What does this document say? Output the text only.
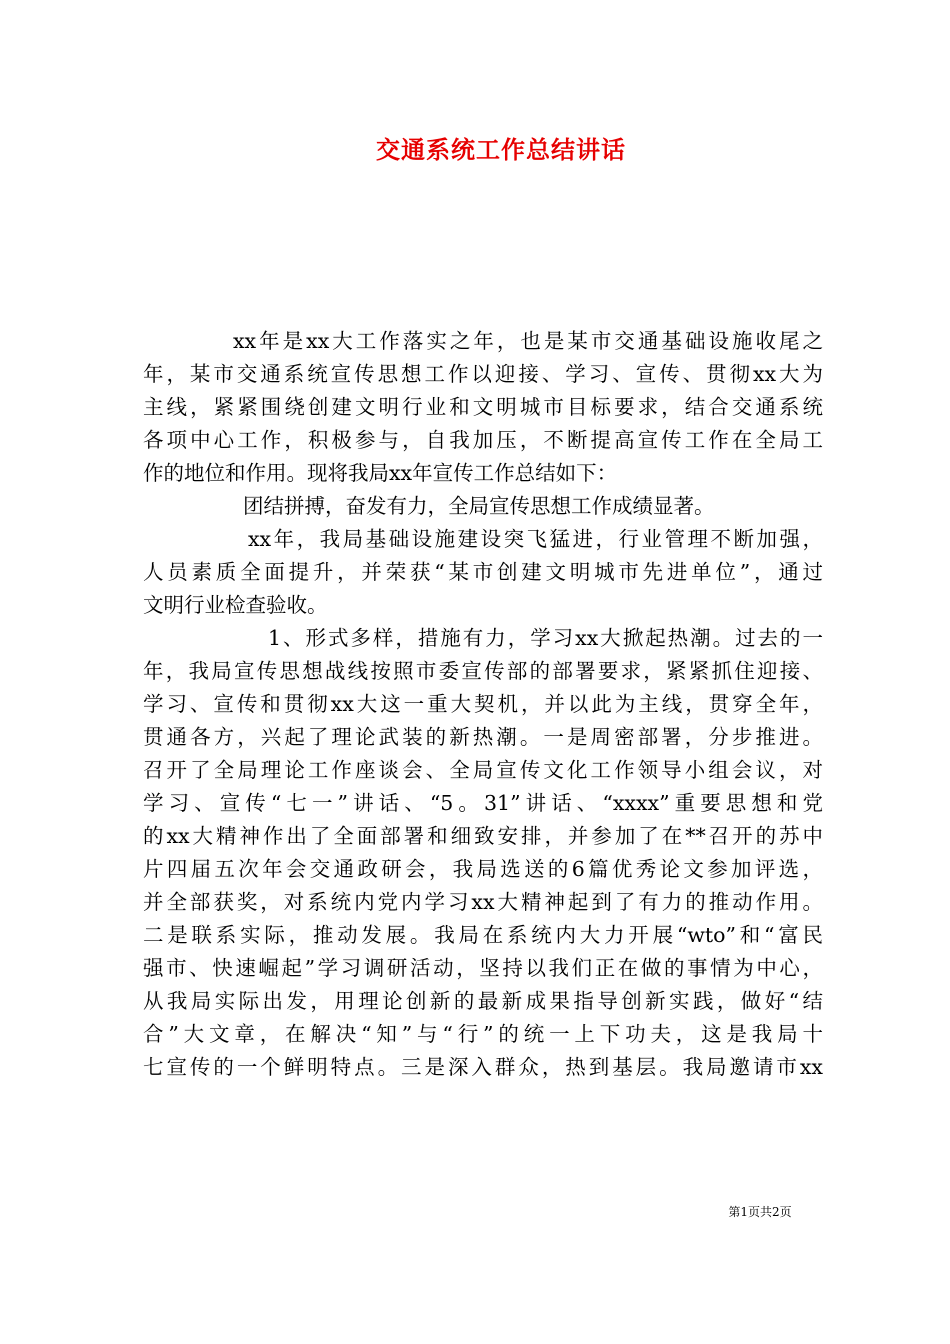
交通系统工作总结讲话
xx年是xx大工作落实之年，也是某市交通基础设施收尾之
年，某市交通系统宣传思想工作以迎接、学习、宣传、贯彻xx大为
主线，紧紧围绕创建文明行业和文明城市目标要求，结合交通系统
各项中心工作，积极参与，自我加压，不断提高宣传工作在全局工
作的地位和作用。现将我局xx年宣传工作总结如下：
团结拼搏，奋发有力，全局宣传思想工作成绩显著。
xx年，我局基础设施建设突飞猛进，行业管理不断加强，
人员素质全面提升，并荣获“某市创建文明城市先进单位”，通过
文明行业检查验收。
1、形式多样，措施有力，学习xx大掀起热潮。过去的一
年，我局宣传思想战线按照市委宣传部的部署要求，紧紧抓住迎接、
学习、宣传和贯彻xx大这一重大契机，并以此为主线，贯穿全年，
贯通各方，兴起了理论武装的新热潮。一是周密部署，分步推进。
召开了全局理论工作座谈会、全局宣传文化工作领导小组会议，对
学习、宣传“七一”讲话、“5。31”讲话、“xxxx”重要思想和党
的xx大精神作出了全面部署和细致安排，并参加了在**召开的苏中
片四届五次年会交通政研会，我局选送的6篇优秀论文参加评选，
并全部获奖，对系统内党内学习xx大精神起到了有力的推动作用。
二是联系实际，推动发展。我局在系统内大力开展“wto”和“富民
强市、快速崛起”学习调研活动，坚持以我们正在做的事情为中心，
从我局实际出发，用理论创新的最新成果指导创新实践，做好“结
合”大文章，在解决“知”与“行”的统一上下功夫，这是我局十
七宣传的一个鲜明特点。三是深入群众，热到基层。我局邀请市xx
第1页共2页
